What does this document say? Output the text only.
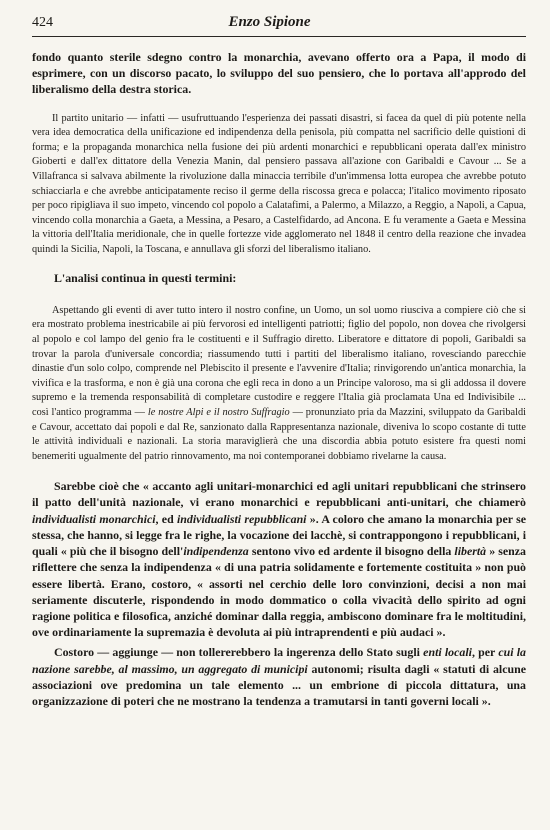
424	Enzo Sipione

fondo quanto sterile sdegno contro la monarchia, avevano offerto ora a Papa, il modo di esprimere, con un discorso pacato, lo sviluppo del suo pensiero, che lo portava all'approdo del liberalismo della destra storica.

Il partito unitario — infatti — usufruttuando l'esperienza dei passati disastri, si facea da quel di più potente nella vera idea democratica della unificazione ed indipendenza della penisola, più compatta nel sacrificio delle quistioni di forma; e la propaganda monarchica nella fusione dei più ardenti monarchici e repubblicani operata dall'ex ministro Gioberti e dall'ex dittatore della Venezia Manin, dal pensiero passava all'azione con Garibaldi e Cavour ... Se a Villafranca si salvava abilmente la rivoluzione dalla minaccia terribile d'un'immensa lotta europea che avrebbe potuto schiacciarla e che avrebbe anticipatamente reciso il germe della riscossa greca e polacca; l'italico movimento riposato per poco ripigliava il suo impeto, vincendo col popolo a Calatafimi, a Palermo, a Milazzo, a Reggio, a Napoli, a Capua, vincendo colla monarchia a Gaeta, a Messina, a Pesaro, a Castelfidardo, ad Ancona. E fu veramente a Gaeta e Messina la vittoria dell'Italia meridionale, che in quelle fortezze vide agglomerato nel 1848 il centro della reazione che invadea quindi la Sicilia, Napoli, la Toscana, e annullava gli sforzi del liberalismo italiano.

L'analisi continua in questi termini:

Aspettando gli eventi di aver tutto intero il nostro confine, un Uomo, un sol uomo riusciva a compiere ciò che si era mostrato problema inestricabile ai più fervorosi ed intelligenti patriotti; figlio del popolo, non dovea che rivolgersi al popolo e col lampo del genio fra le costituenti e il Suffragio diretto. Liberatore e dittatore di popoli, Garibaldi sa trovar la parola d'universale concordia; riassumendo tutti i partiti del liberalismo italiano, rovesciando parecchie dinastie d'un solo colpo, comprende nel Plebiscito il presente e l'avvenire d'Italia; rinvigorendo un'antica monarchia, la vivifica e la trasforma, e non è già una corona che egli reca in dono a un Principe valoroso, ma si gli addossa il dovere supremo e la tremenda responsabilità di completare custodire e reggere l'Italia già proclamata Una ed Indivisibile ... così l'antico programma — le nostre Alpi e il nostro Suffragio — pronunziato pria da Mazzini, sviluppato da Garibaldi e Cavour, accettato dai popoli e dal Re, sanzionato dalla Rappresentanza nazionale, diveniva lo scopo costante di tutte le attività individuali e nazionali. La storia maraviglierà che una discordia abbia potuto esistere fra questi nomi benemeriti ugualmente del patrio rinnovamento, ma noi contemporanei dobbiamo rivelarne la causa.

Sarebbe cioè che « accanto agli unitari-monarchici ed agli unitari repubblicani che strinsero il patto dell'unità nazionale, vi erano monarchici e repubblicani anti-unitari, che chiamerò individualisti monarchici, ed individualisti repubblicani ». A coloro che amano la monarchia per se stessa, che hanno, si legge fra le righe, la vocazione dei lacchè, si contrappongono i repubblicani, i quali « più che il bisogno dell'indipendenza sentono vivo ed ardente il bisogno della libertà » senza riflettere che senza la indipendenza « di una patria solidamente e fortemente costituita » non può essere libertà. Erano, costoro, « assorti nel cerchio delle loro convinzioni, decisi a non mai seriamente discuterle, rispondendo in modo dommatico o colla vivacità dello spirito ad ogni ragione politica e filosofica, anziché dominar dalla reggia, ambiscono dominare fra le moltitudini, ove ordinariamente la supremazia è devoluta ai più intraprendenti e più audaci ».

Costoro — aggiunge — non tollererebbero la ingerenza dello Stato sugli enti locali, per cui la nazione sarebbe, al massimo, un aggregato di municipi autonomi; risulta dagli « statuti di alcune associazioni ove predomina un tale elemento ... un embrione di piccola dittatura, una organizzazione di poteri che ne mostrano la tendenza a tramutarsi in tanti governi locali ».
